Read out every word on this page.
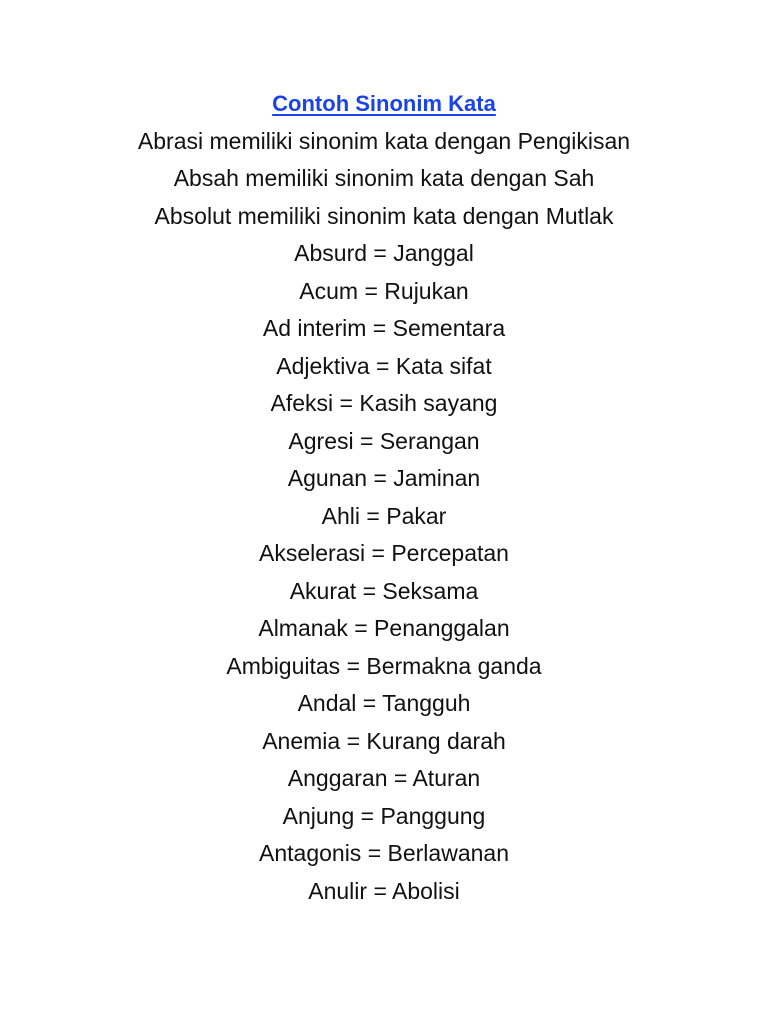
Contoh Sinonim Kata
Abrasi memiliki sinonim kata dengan Pengikisan
Absah memiliki sinonim kata dengan Sah
Absolut memiliki sinonim kata dengan Mutlak
Absurd = Janggal
Acum = Rujukan
Ad interim = Sementara
Adjektiva = Kata sifat
Afeksi = Kasih sayang
Agresi = Serangan
Agunan = Jaminan
Ahli = Pakar
Akselerasi = Percepatan
Akurat = Seksama
Almanak = Penanggalan
Ambiguitas = Bermakna ganda
Andal = Tangguh
Anemia = Kurang darah
Anggaran = Aturan
Anjung = Panggung
Antagonis = Berlawanan
Anulir = Abolisi
